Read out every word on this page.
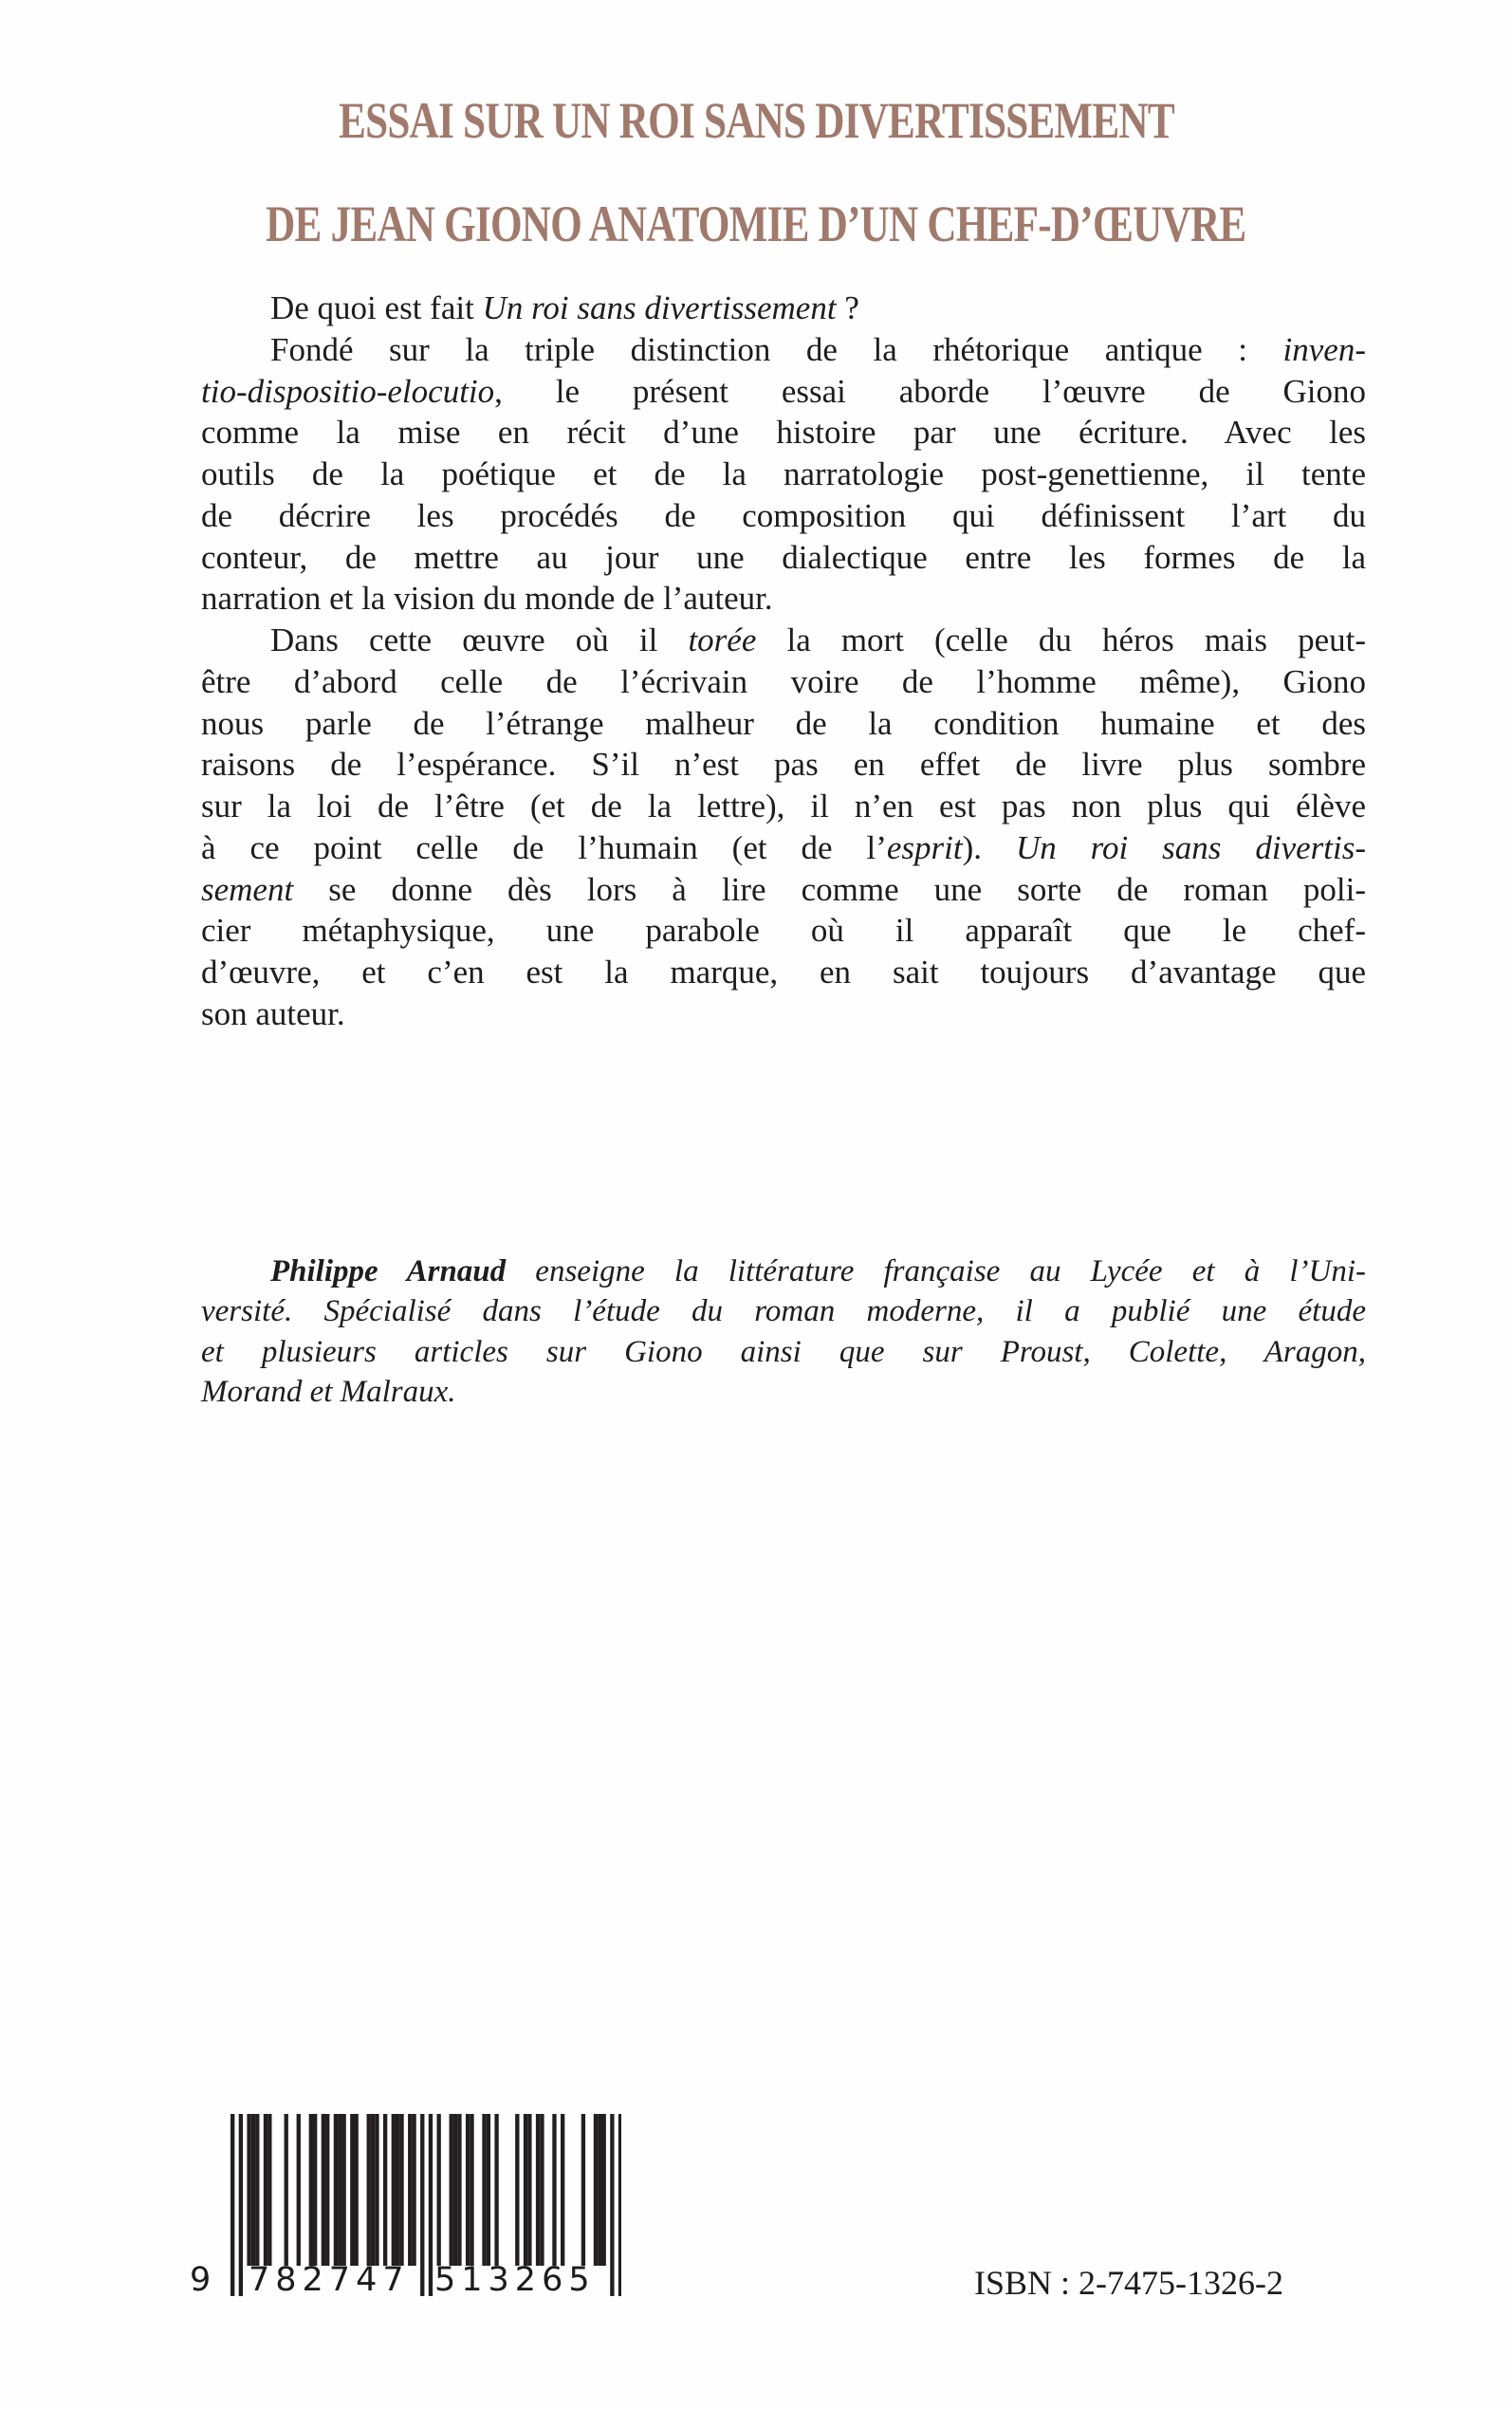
ESSAI SUR UN ROI SANS DIVERTISSEMENT
DE JEAN GIONO ANATOMIE D’UN CHEF-D’ŒUVRE
De quoi est fait Un roi sans divertissement ?
Fondé sur la triple distinction de la rhétorique antique : inven-
tio-dispositio-elocutio, le présent essai aborde l’œuvre de Giono
comme la mise en récit d’une histoire par une écriture. Avec les
outils de la poétique et de la narratologie post-genettienne, il tente
de décrire les procédés de composition qui définissent l’art du
conteur, de mettre au jour une dialectique entre les formes de la
narration et la vision du monde de l’auteur.
Dans cette œuvre où il torée la mort (celle du héros mais peut-
être d’abord celle de l’écrivain voire de l’homme même), Giono
nous parle de l’étrange malheur de la condition humaine et des
raisons de l’espérance. S’il n’est pas en effet de livre plus sombre
sur la loi de l’être (et de la lettre), il n’en est pas non plus qui élève
à ce point celle de l’humain (et de l’esprit). Un roi sans divertis-
sement se donne dès lors à lire comme une sorte de roman poli-
cier métaphysique, une parabole où il apparaît que le chef-
d’œuvre, et c’en est la marque, en sait toujours d’avantage que
son auteur.
Philippe Arnaud enseigne la littérature française au Lycée et à l’Uni-
versité. Spécialisé dans l’étude du roman moderne, il a publié une étude
et plusieurs articles sur Giono ainsi que sur Proust, Colette, Aragon,
Morand et Malraux.
9 782747 513265	ISBN : 2-7475-1326-2
